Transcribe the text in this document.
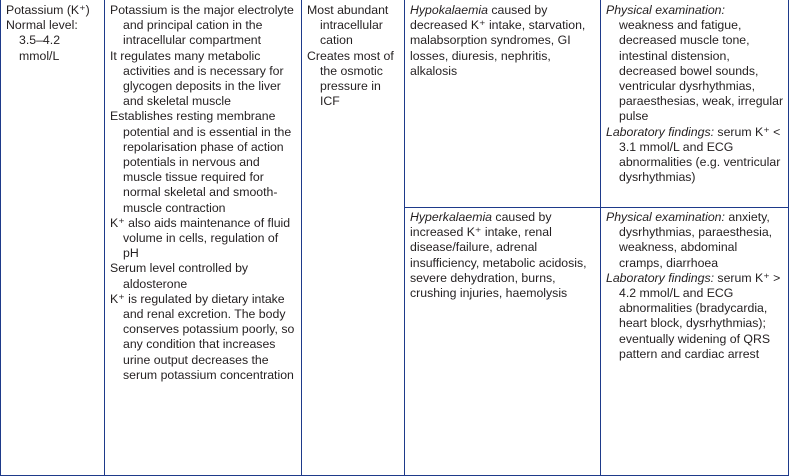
Potassium (K⁺)

Normal level:

3.5–4.2 mmol/L

Potassium is the major electrolyte and principal cation in the intracellular compartment

It regulates many metabolic activities and is necessary for glycogen deposits in the liver and skeletal muscle

Establishes resting membrane potential and is essential in the repolarisation phase of action potentials in nervous and muscle tissue required for normal skeletal and smooth-muscle contraction

K⁺ also aids maintenance of fluid volume in cells, regulation of pH

Serum level controlled by aldosterone

K⁺ is regulated by dietary intake and renal excretion. The body conserves potassium poorly, so any condition that increases urine output decreases the serum potassium concentration

Most abundant intracellular cation

Creates most of the osmotic pressure in ICF

Hypokalaemia caused by decreased K⁺ intake, starvation, malabsorption syndromes, GI losses, diuresis, nephritis, alkalosis

Hyperkalaemia caused by increased K⁺ intake, renal disease/failure, adrenal insufficiency, metabolic acidosis, severe dehydration, burns, crushing injuries, haemolysis

Physical examination:

weakness and fatigue, decreased muscle tone, intestinal distension, decreased bowel sounds, ventricular dysrhythmias, paraesthesias, weak, irregular pulse

Laboratory findings: serum K⁺ < 3.1 mmol/L and ECG abnormalities (e.g. ventricular dysrhythmias)

Physical examination: anxiety, dysrhythmias, paraesthesia, weakness, abdominal cramps, diarrhoea

Laboratory findings: serum K⁺ > 4.2 mmol/L and ECG abnormalities (bradycardia, heart block, dysrhythmias); eventually widening of QRS pattern and cardiac arrest
